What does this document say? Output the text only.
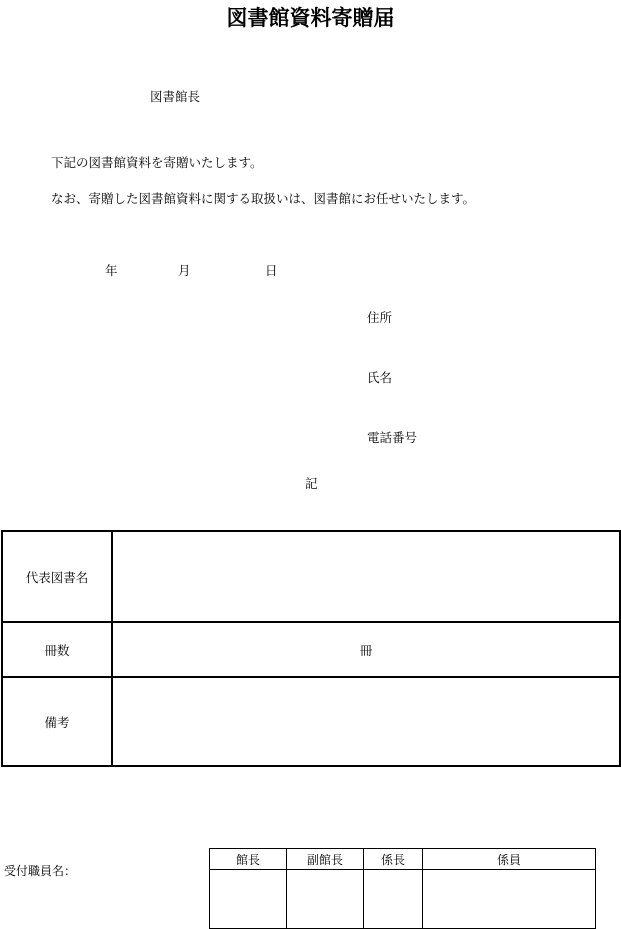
図書館資料寄贈届
図書館長
下記の図書館資料を寄贈いたします。
なお、寄贈した図書館資料に関する取扱いは、図書館にお任せいたします。
年	月	日
住所
氏名
電話番号
記
代表図書名	
冊数	冊
備考	
受付職員名：
館長	副館長	係長	係員
